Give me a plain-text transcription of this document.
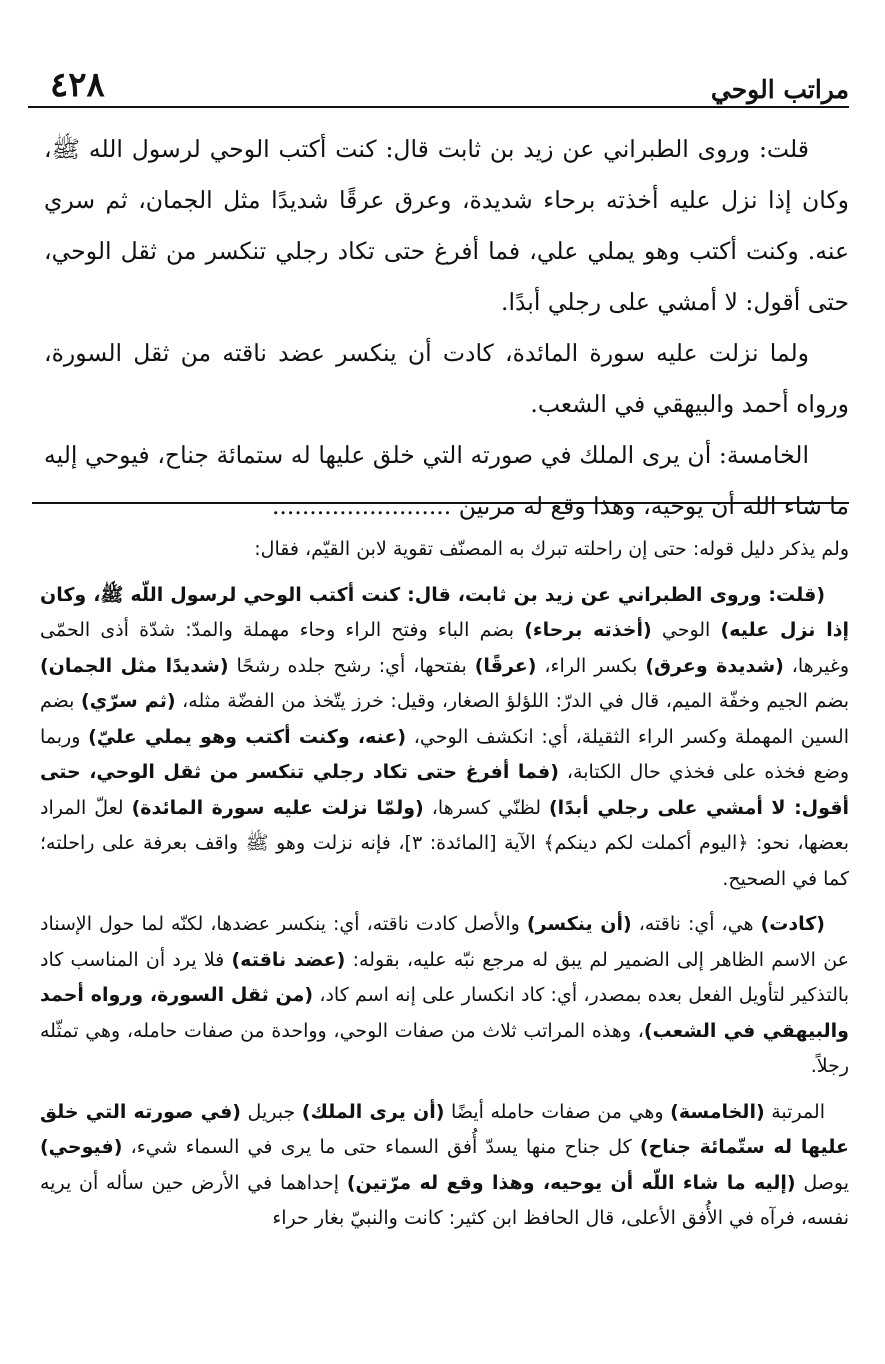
مراتب الوحي
٤٢٨

قلت: وروى الطبراني عن زيد بن ثابت قال: كنت أكتب الوحي لرسول الله ﷺ، وكان إذا نزل عليه أخذته برحاء شديدة، وعرق عرقًا شديدًا مثل الجمان، ثم سري عنه. وكنت أكتب وهو يملي علي، فما أفرغ حتى تكاد رجلي تنكسر من ثقل الوحي، حتى أقول: لا أمشي على رجلي أبدًا.

ولما نزلت عليه سورة المائدة، كادت أن ينكسر عضد ناقته من ثقل السورة، ورواه أحمد والبيهقي في الشعب.

الخامسة: أن يرى الملك في صورته التي خلق عليها له ستمائة جناح، فيوحي إليه ما شاء الله أن يوحيه، وهذا وقع له مرتين ........................

ولم يذكر دليل قوله: حتى إن راحلته تبرك به المصنّف تقوية لابن القيّم، فقال:

(قلت: وروى الطبراني عن زيد بن ثابت، قال: كنت أكتب الوحي لرسول اللّه ﷺ، وكان إذا نزل عليه) الوحي (أخذته برحاء) بضم الباء وفتح الراء وحاء مهملة والمدّ: شدّة أذى الحمّى وغيرها، (شديدة وعرق) بكسر الراء، (عرقًا) بفتحها، أي: رشح جلده رشحًا (شديدًا مثل الجمان) بضم الجيم وخفّة الميم، قال في الدرّ: اللؤلؤ الصغار، وقيل: خرز يتّخذ من الفضّة مثله، (ثم سرّي) بضم السين المهملة وكسر الراء الثقيلة، أي: انكشف الوحي، (عنه، وكنت أكتب وهو يملي عليّ) وربما وضع فخذه على فخذي حال الكتابة، (فما أفرغ حتى تكاد رجلي تنكسر من ثقل الوحي، حتى أقول: لا أمشي على رجلي أبدًا) لظنّي كسرها، (ولمّا نزلت عليه سورة المائدة) لعلّ المراد بعضها، نحو: ﴿اليوم أكملت لكم دينكم﴾ الآية [المائدة: ٣]، فإنه نزلت وهو ﷺ واقف بعرفة على راحلته؛ كما في الصحيح.

(كادت) هي، أي: ناقته، (أن ينكسر) والأصل كادت ناقته، أي: ينكسر عضدها، لكنّه لما حول الإسناد عن الاسم الظاهر إلى الضمير لم يبق له مرجع نبّه عليه، بقوله: (عضد ناقته) فلا يرد أن المناسب كاد بالتذكير لتأويل الفعل بعده بمصدر، أي: كاد انكسار على إنه اسم كاد، (من ثقل السورة، ورواه أحمد والبيهقي في الشعب)، وهذه المراتب ثلاث من صفات الوحي، وواحدة من صفات حامله، وهي تمثّله رجلاً.

المرتبة (الخامسة) وهي من صفات حامله أيضًا (أن يرى الملك) جبريل (في صورته التي خلق عليها له ستّمائة جناح) كل جناح منها يسدّ أُفق السماء حتى ما يرى في السماء شيء، (فيوحي) يوصل (إليه ما شاء اللّه أن يوحيه، وهذا وقع له مرّتين) إحداهما في الأرض حين سأله أن يريه نفسه، فرآه في الأُفق الأعلى، قال الحافظ ابن كثير: كانت والنبيّ بغار حراء
